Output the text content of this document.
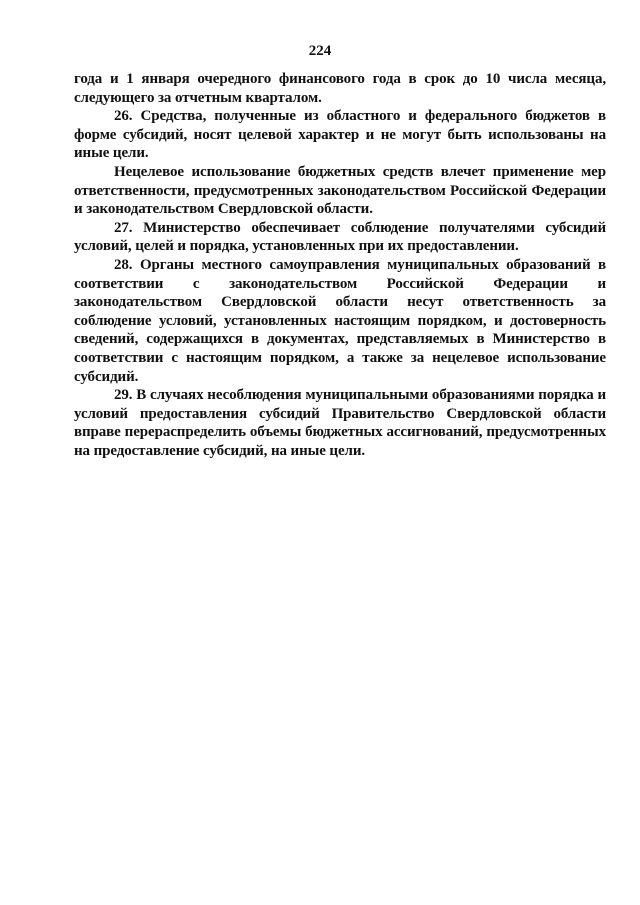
224

года и 1 января очередного финансового года в срок до 10 числа месяца, следующего за отчетным кварталом.

26. Средства, полученные из областного и федерального бюджетов в форме субсидий, носят целевой характер и не могут быть использованы на иные цели.

Нецелевое использование бюджетных средств влечет применение мер ответственности, предусмотренных законодательством Российской Федерации и законодательством Свердловской области.

27. Министерство обеспечивает соблюдение получателями субсидий условий, целей и порядка, установленных при их предоставлении.

28. Органы местного самоуправления муниципальных образований в соответствии с законодательством Российской Федерации и законодательством Свердловской области несут ответственность за соблюдение условий, установленных настоящим порядком, и достоверность сведений, содержащихся в документах, представляемых в Министерство в соответствии с настоящим порядком, а также за нецелевое использование субсидий.

29. В случаях несоблюдения муниципальными образованиями порядка и условий предоставления субсидий Правительство Свердловской области вправе перераспределить объемы бюджетных ассигнований, предусмотренных на предоставление субсидий, на иные цели.
